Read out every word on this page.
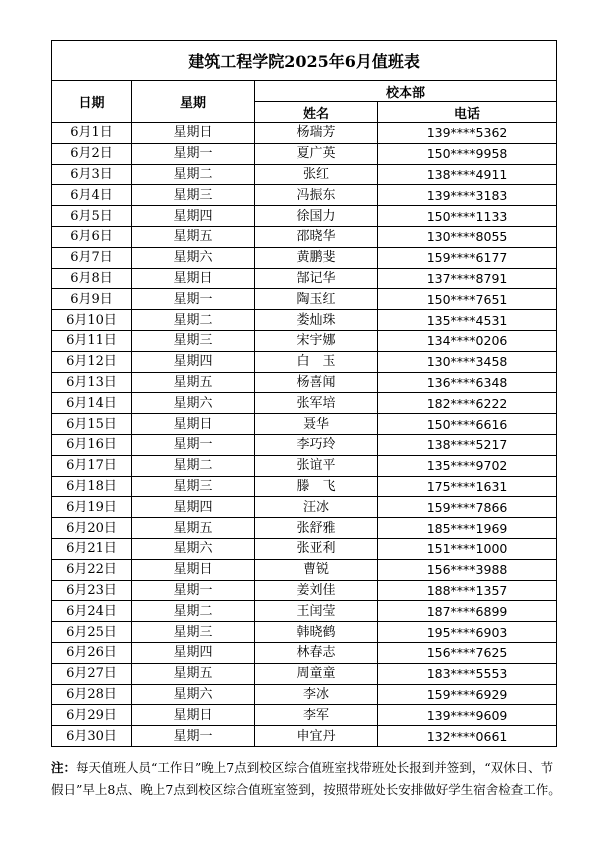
建筑工程学院2025年6月值班表			
日期	星期	校本部	
		姓名	电话
6月1日	星期日	杨瑞芳	139****5362
6月2日	星期一	夏广英	150****9958
6月3日	星期二	张红	138****4911
6月4日	星期三	冯振东	139****3183
6月5日	星期四	徐国力	150****1133
6月6日	星期五	邵晓华	130****8055
6月7日	星期六	黄鹏斐	159****6177
6月8日	星期日	郜记华	137****8791
6月9日	星期一	陶玉红	150****7651
6月10日	星期二	娄灿珠	135****4531
6月11日	星期三	宋宇娜	134****0206
6月12日	星期四	白　玉	130****3458
6月13日	星期五	杨喜闻	136****6348
6月14日	星期六	张军培	182****6222
6月15日	星期日	聂华	150****6616
6月16日	星期一	李巧玲	138****5217
6月17日	星期二	张谊平	135****9702
6月18日	星期三	滕　飞	175****1631
6月19日	星期四	汪冰	159****7866
6月20日	星期五	张舒雅	185****1969
6月21日	星期六	张亚利	151****1000
6月22日	星期日	曹锐	156****3988
6月23日	星期一	姜刘佳	188****1357
6月24日	星期二	王闰莹	187****6899
6月25日	星期三	韩晓鹤	195****6903
6月26日	星期四	林春志	156****7625
6月27日	星期五	周童童	183****5553
6月28日	星期六	李冰	159****6929
6月29日	星期日	李军	139****9609
6月30日	星期一	申宜丹	132****0661
注：每天值班人员“工作日”晚上7点到校区综合值班室找带班处长报到并签到，“双休日、节假日”早上8点、晚上7点到校区综合值班室签到，按照带班处长安排做好学生宿舍检查工作。
